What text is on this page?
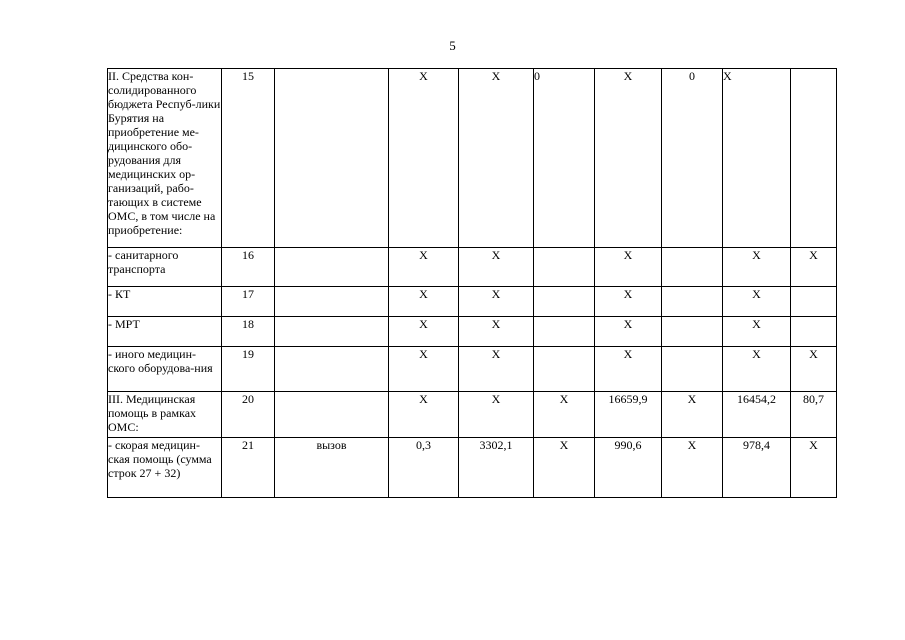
5
II. Средства кон-солидированного бюджета Респуб-лики Бурятия на приобретение ме-дицинского обо-рудования для медицинских ор-ганизаций, рабо-тающих в системе ОМС, в том числе на приобретение:	15		Х	Х	0	Х	0	Х	

- санитарного транспорта	16		Х	Х		Х		Х	Х

- КТ	17		Х	Х		Х		Х	

- МРТ	18		Х	Х		Х		Х	

- иного медицин-ского оборудова-ния	19		Х	Х		Х		Х	Х

III. Медицинская помощь в рамках ОМС:	20		Х	Х	Х	16659,9	Х	16454,2	80,7

- скорая медицин-ская помощь (сумма строк 27 + 32)	21	вызов	0,3	3302,1	Х	990,6	Х	978,4	Х
